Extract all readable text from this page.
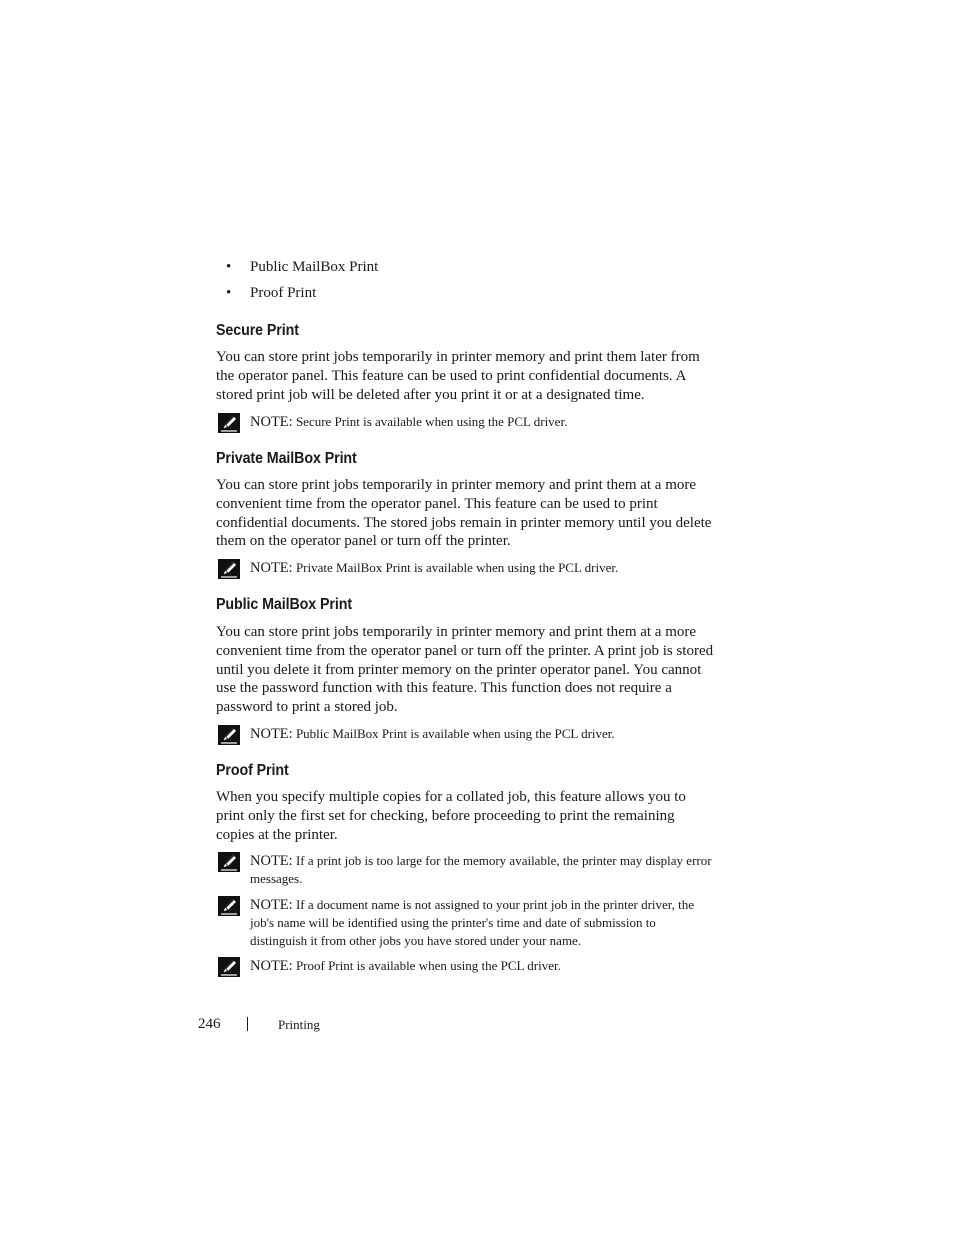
• Public MailBox Print
• Proof Print
Secure Print
You can store print jobs temporarily in printer memory and print them later from the operator panel. This feature can be used to print confidential documents. A stored print job will be deleted after you print it or at a designated time.
NOTE: Secure Print is available when using the PCL driver.
Private MailBox Print
You can store print jobs temporarily in printer memory and print them at a more convenient time from the operator panel. This feature can be used to print confidential documents. The stored jobs remain in printer memory until you delete them on the operator panel or turn off the printer.
NOTE: Private MailBox Print is available when using the PCL driver.
Public MailBox Print
You can store print jobs temporarily in printer memory and print them at a more convenient time from the operator panel or turn off the printer. A print job is stored until you delete it from printer memory on the printer operator panel. You cannot use the password function with this feature. This function does not require a password to print a stored job.
NOTE: Public MailBox Print is available when using the PCL driver.
Proof Print
When you specify multiple copies for a collated job, this feature allows you to print only the first set for checking, before proceeding to print the remaining copies at the printer.
NOTE: If a print job is too large for the memory available, the printer may display error messages.
NOTE: If a document name is not assigned to your print job in the printer driver, the job's name will be identified using the printer's time and date of submission to distinguish it from other jobs you have stored under your name.
NOTE: Proof Print is available when using the PCL driver.
246	Printing
